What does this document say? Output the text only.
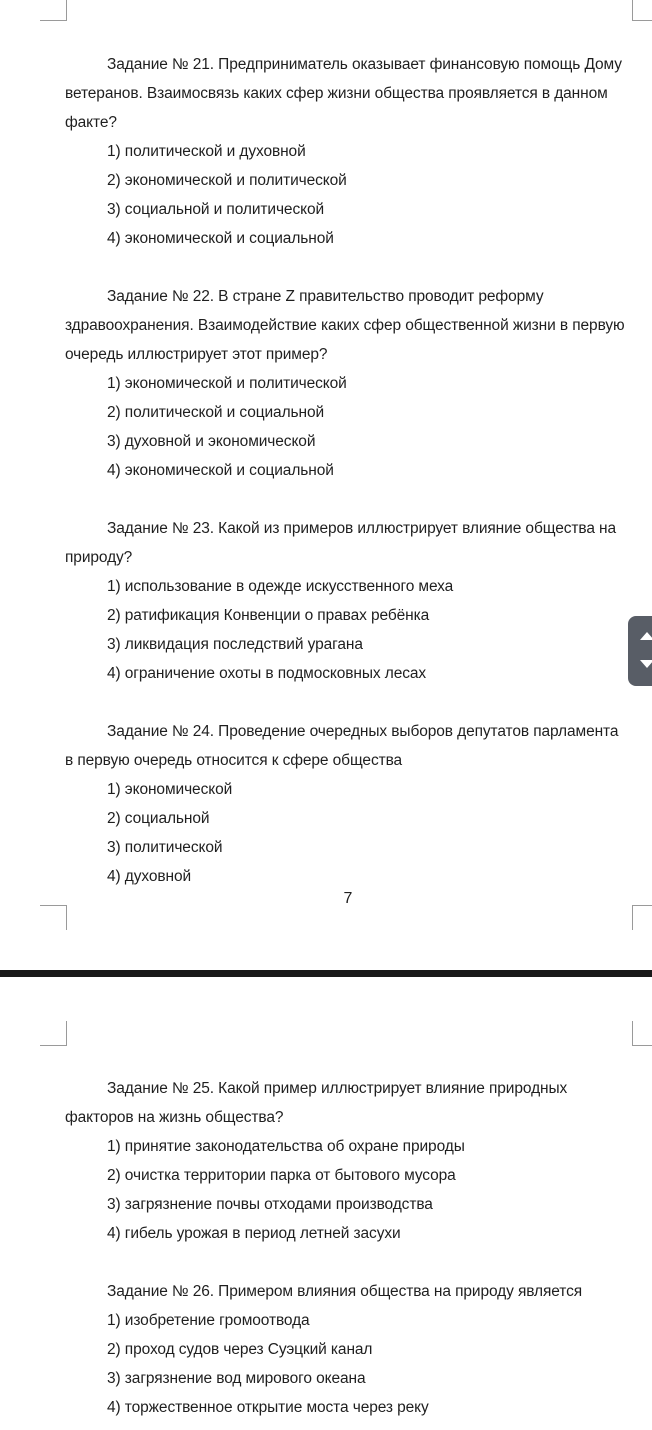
Задание № 21. Предприниматель оказывает финансовую помощь Дому ветеранов. Взаимосвязь каких сфер жизни общества проявляется в данном факте?

1) политической и духовной

2) экономической и политической

3) социальной и политической

4) экономической и социальной

Задание № 22. В стране Z правительство проводит реформу здравоохранения. Взаимодействие каких сфер общественной жизни в первую очередь иллюстрирует этот пример?

1) экономической и политической

2) политической и социальной

3) духовной и экономической

4) экономической и социальной

Задание № 23. Какой из примеров иллюстрирует влияние общества на природу?

1) использование в одежде искусственного меха

2) ратификация Конвенции о правах ребёнка

3) ликвидация последствий урагана

4) ограничение охоты в подмосковных лесах

Задание № 24. Проведение очередных выборов депутатов парламента в первую очередь относится к сфере общества

1) экономической

2) социальной

3) политической

4) духовной

7

Задание № 25. Какой пример иллюстрирует влияние природных факторов на жизнь общества?

1) принятие законодательства об охране природы

2) очистка территории парка от бытового мусора

3) загрязнение почвы отходами производства

4) гибель урожая в период летней засухи

Задание № 26. Примером влияния общества на природу является

1) изобретение громоотвода

2) проход судов через Суэцкий канал

3) загрязнение вод мирового океана

4) торжественное открытие моста через реку
